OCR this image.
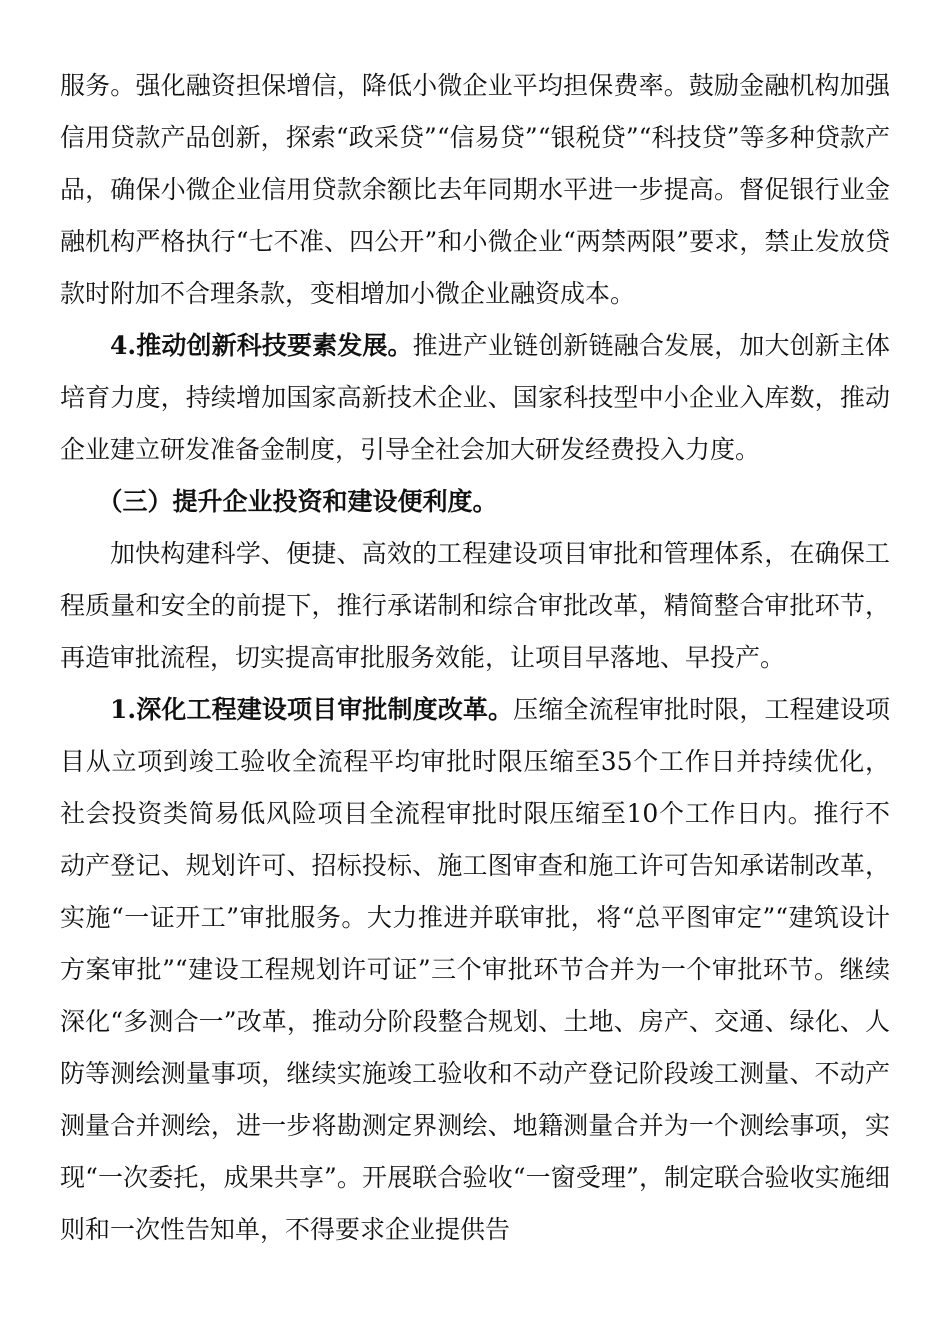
服务。强化融资担保增信，降低小微企业平均担保费率。鼓励金融机构加强信用贷款产品创新，探索“政采贷”“信易贷”“银税贷”“科技贷”等多种贷款产品，确保小微企业信用贷款余额比去年同期水平进一步提高。督促银行业金融机构严格执行“七不准、四公开”和小微企业“两禁两限”要求，禁止发放贷款时附加不合理条款，变相增加小微企业融资成本。

4.推动创新科技要素发展。推进产业链创新链融合发展，加大创新主体培育力度，持续增加国家高新技术企业、国家科技型中小企业入库数，推动企业建立研发准备金制度，引导全社会加大研发经费投入力度。

（三）提升企业投资和建设便利度。

加快构建科学、便捷、高效的工程建设项目审批和管理体系，在确保工程质量和安全的前提下，推行承诺制和综合审批改革，精简整合审批环节，再造审批流程，切实提高审批服务效能，让项目早落地、早投产。

1.深化工程建设项目审批制度改革。压缩全流程审批时限，工程建设项目从立项到竣工验收全流程平均审批时限压缩至35个工作日并持续优化，社会投资类简易低风险项目全流程审批时限压缩至10个工作日内。推行不动产登记、规划许可、招标投标、施工图审查和施工许可告知承诺制改革，实施“一证开工”审批服务。大力推进并联审批，将“总平图审定”“建筑设计方案审批”“建设工程规划许可证”三个审批环节合并为一个审批环节。继续深化“多测合一”改革，推动分阶段整合规划、土地、房产、交通、绿化、人防等测绘测量事项，继续实施竣工验收和不动产登记阶段竣工测量、不动产测量合并测绘，进一步将勘测定界测绘、地籍测量合并为一个测绘事项，实现“一次委托，成果共享”。开展联合验收“一窗受理”，制定联合验收实施细则和一次性告知单，不得要求企业提供告
